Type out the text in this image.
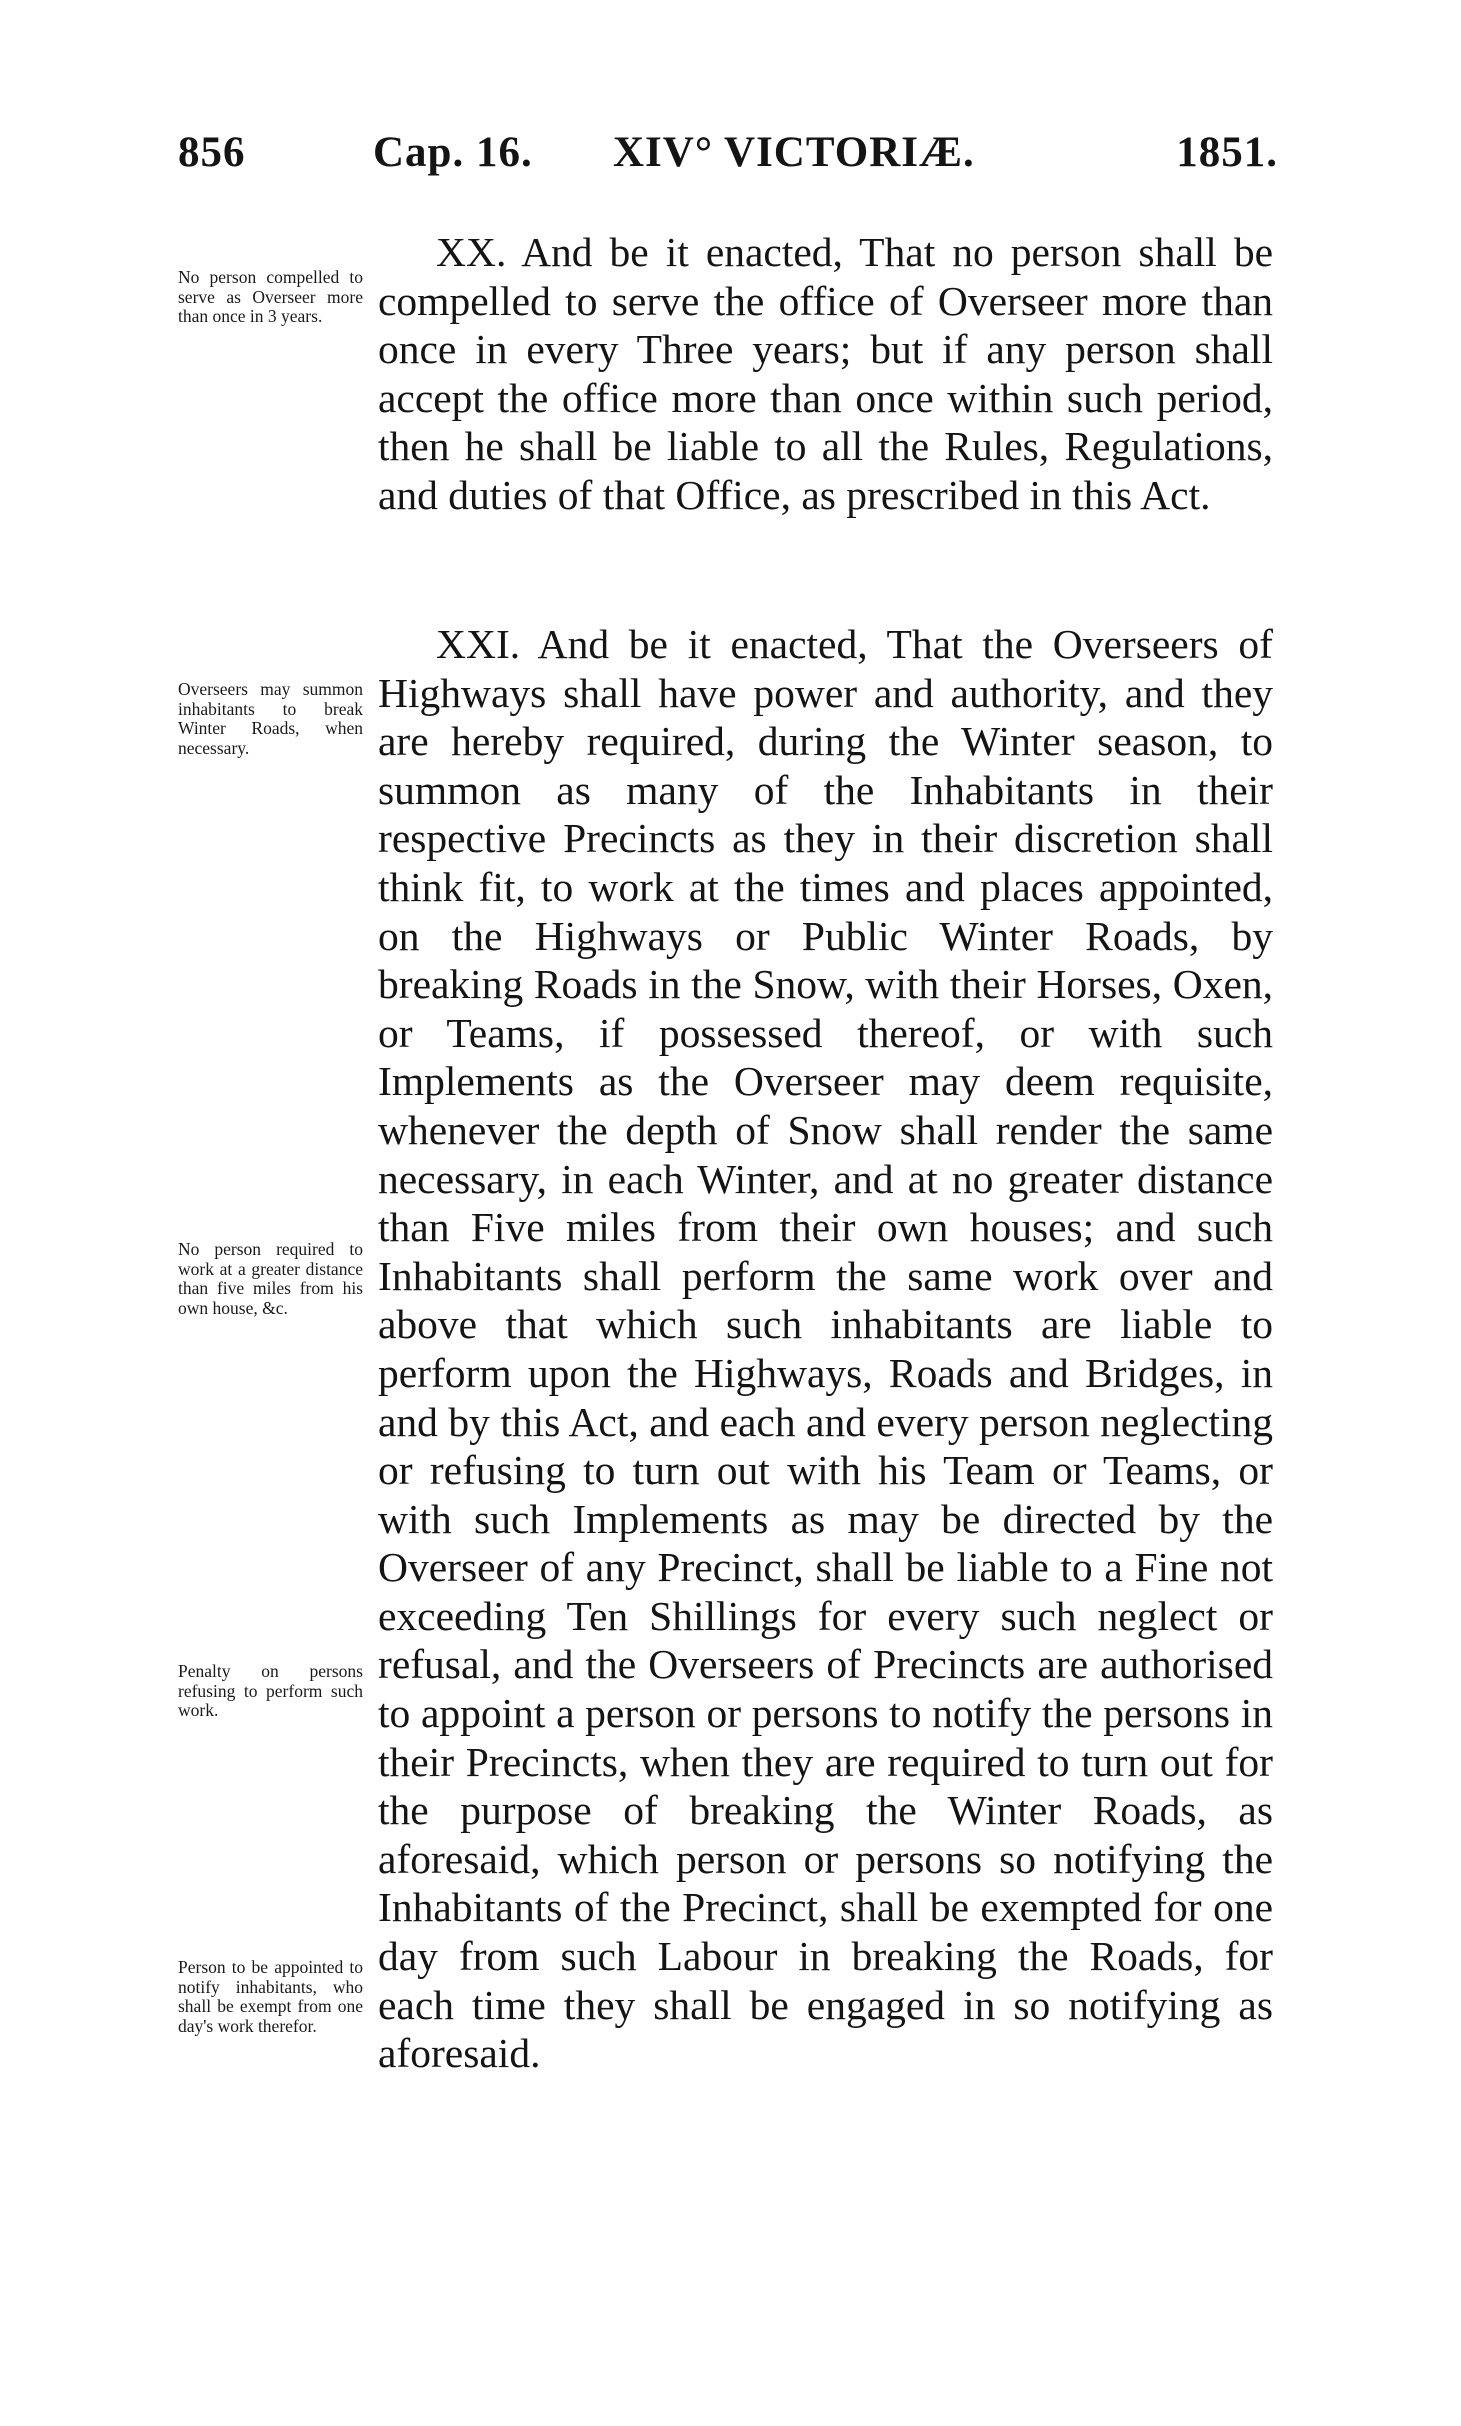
856	Cap. 16. XIV° VICTORIÆ.	1851.

XX. And be it enacted, That no person shall be compelled to serve the office of Overseer more than once in every Three years; but if any person shall accept the office more than once within such period, then he shall be liable to all the Rules, Regulations, and duties of that Office, as prescribed in this Act.

XXI. And be it enacted, That the Overseers of Highways shall have power and authority, and they are hereby required, during the Winter season, to summon as many of the Inhabitants in their respective Precincts as they in their discretion shall think fit, to work at the times and places appointed, on the Highways or Public Winter Roads, by breaking Roads in the Snow, with their Horses, Oxen, or Teams, if possessed thereof, or with such Implements as the Overseer may deem requisite, whenever the depth of Snow shall render the same necessary, in each Winter, and at no greater distance than Five miles from their own houses; and such Inhabitants shall perform the same work over and above that which such inhabitants are liable to perform upon the Highways, Roads and Bridges, in and by this Act, and each and every person neglecting or refusing to turn out with his Team or Teams, or with such Implements as may be directed by the Overseer of any Precinct, shall be liable to a Fine not exceeding Ten Shillings for every such neglect or refusal, and the Overseers of Precincts are authorised to appoint a person or persons to notify the persons in their Precincts, when they are required to turn out for the purpose of breaking the Winter Roads, as aforesaid, which person or persons so notifying the Inhabitants of the Precinct, shall be exempted for one day from such Labour in breaking the Roads, for each time they shall be engaged in so notifying as aforesaid.

No person compelled to serve as Overseer more than once in 3 years.
Overseers may summon inhabitants to break Winter Roads, when necessary.
No person required to work at a greater distance than five miles from his own house, &c.
Penalty on persons refusing to perform such work.
Person to be appointed to notify inhabitants, who shall be exempt from one day's work therefor.
